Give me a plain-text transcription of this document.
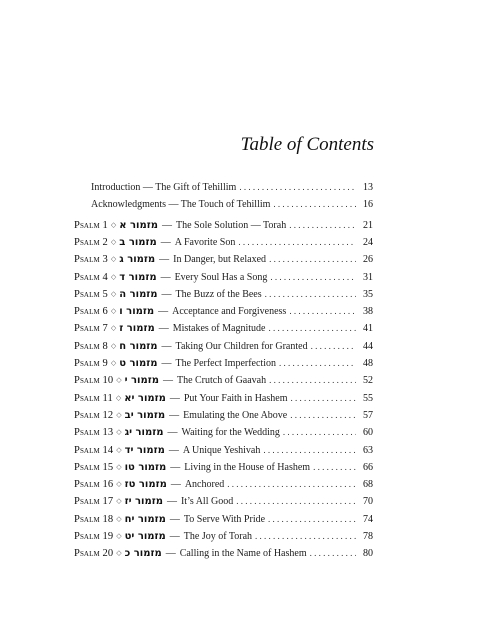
Table of Contents
Introduction — The Gift of Tehillim . . .	13
Acknowledgments — The Touch of Tehillim . . .	16
Psalm 1 ◇ מזמור א — The Sole Solution — Torah . . .	21
Psalm 2 ◇ מזמור ב — A Favorite Son . . .	24
Psalm 3 ◇ מזמור ג — In Danger, but Relaxed . . .	26
Psalm 4 ◇ מזמור ד — Every Soul Has a Song . . .	31
Psalm 5 ◇ מזמור ה — The Buzz of the Bees . . .	35
Psalm 6 ◇ מזמור ו — Acceptance and Forgiveness . . .	38
Psalm 7 ◇ מזמור ז — Mistakes of Magnitude . . .	41
Psalm 8 ◇ מזמור ח — Taking Our Children for Granted . . .	44
Psalm 9 ◇ מזמור ט — The Perfect Imperfection . . .	48
Psalm 10 ◇ מזמור י — The Crutch of Gaavah . . .	52
Psalm 11 ◇ מזמור יא — Put Your Faith in Hashem . . .	55
Psalm 12 ◇ מזמור יב — Emulating the One Above . . .	57
Psalm 13 ◇ מזמור יג — Waiting for the Wedding . . .	60
Psalm 14 ◇ מזמור יד — A Unique Yeshivah . . .	63
Psalm 15 ◇ מזמור טו — Living in the House of Hashem . . .	66
Psalm 16 ◇ מזמור טז — Anchored . . .	68
Psalm 17 ◇ מזמור יז — It’s All Good . . .	70
Psalm 18 ◇ מזמור יח — To Serve With Pride . . .	74
Psalm 19 ◇ מזמור יט — The Joy of Torah . . .	78
Psalm 20 ◇ מזמור כ — Calling in the Name of Hashem . . .	80
